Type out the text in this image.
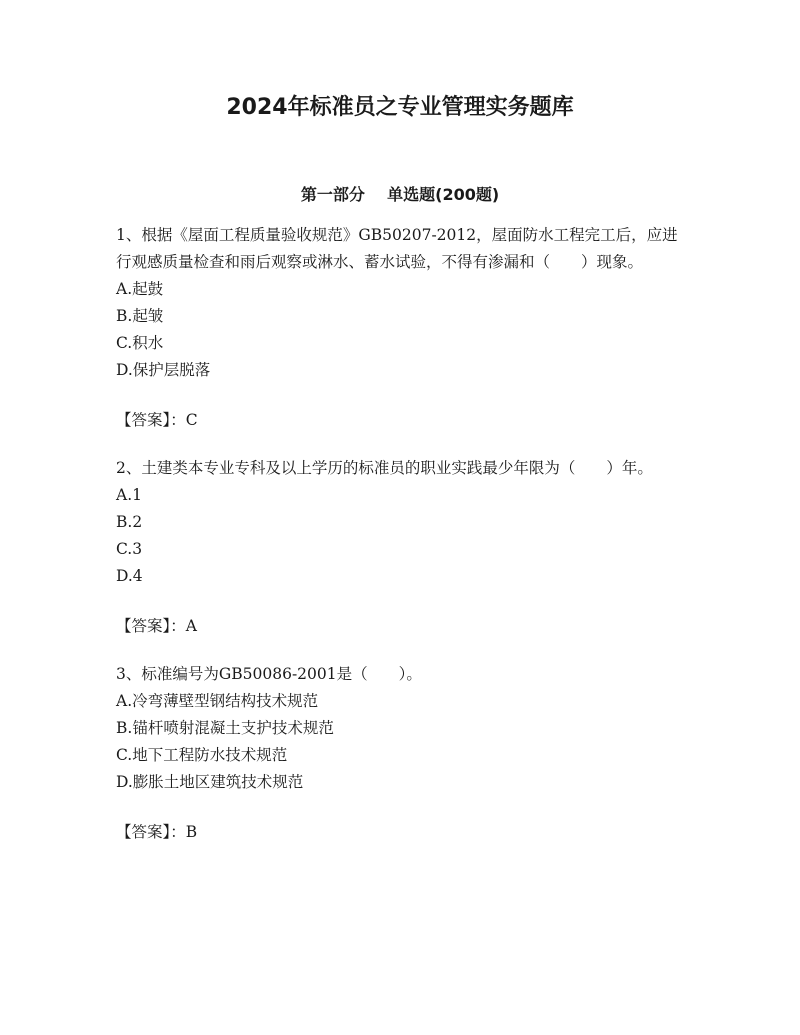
2024年标准员之专业管理实务题库
第一部分    单选题(200题)

1、根据《屋面工程质量验收规范》GB50207-2012，屋面防水工程完工后，应进行观感质量检查和雨后观察或淋水、蓄水试验，不得有渗漏和（　　）现象。

A.起鼓

B.起皱

C.积水

D.保护层脱落

【答案】：C

2、土建类本专业专科及以上学历的标准员的职业实践最少年限为（　　）年。

A.1

B.2

C.3

D.4

【答案】：A

3、标准编号为GB50086-2001是（　　）。

A.冷弯薄壁型钢结构技术规范

B.锚杆喷射混凝土支护技术规范

C.地下工程防水技术规范

D.膨胀土地区建筑技术规范

【答案】：B
